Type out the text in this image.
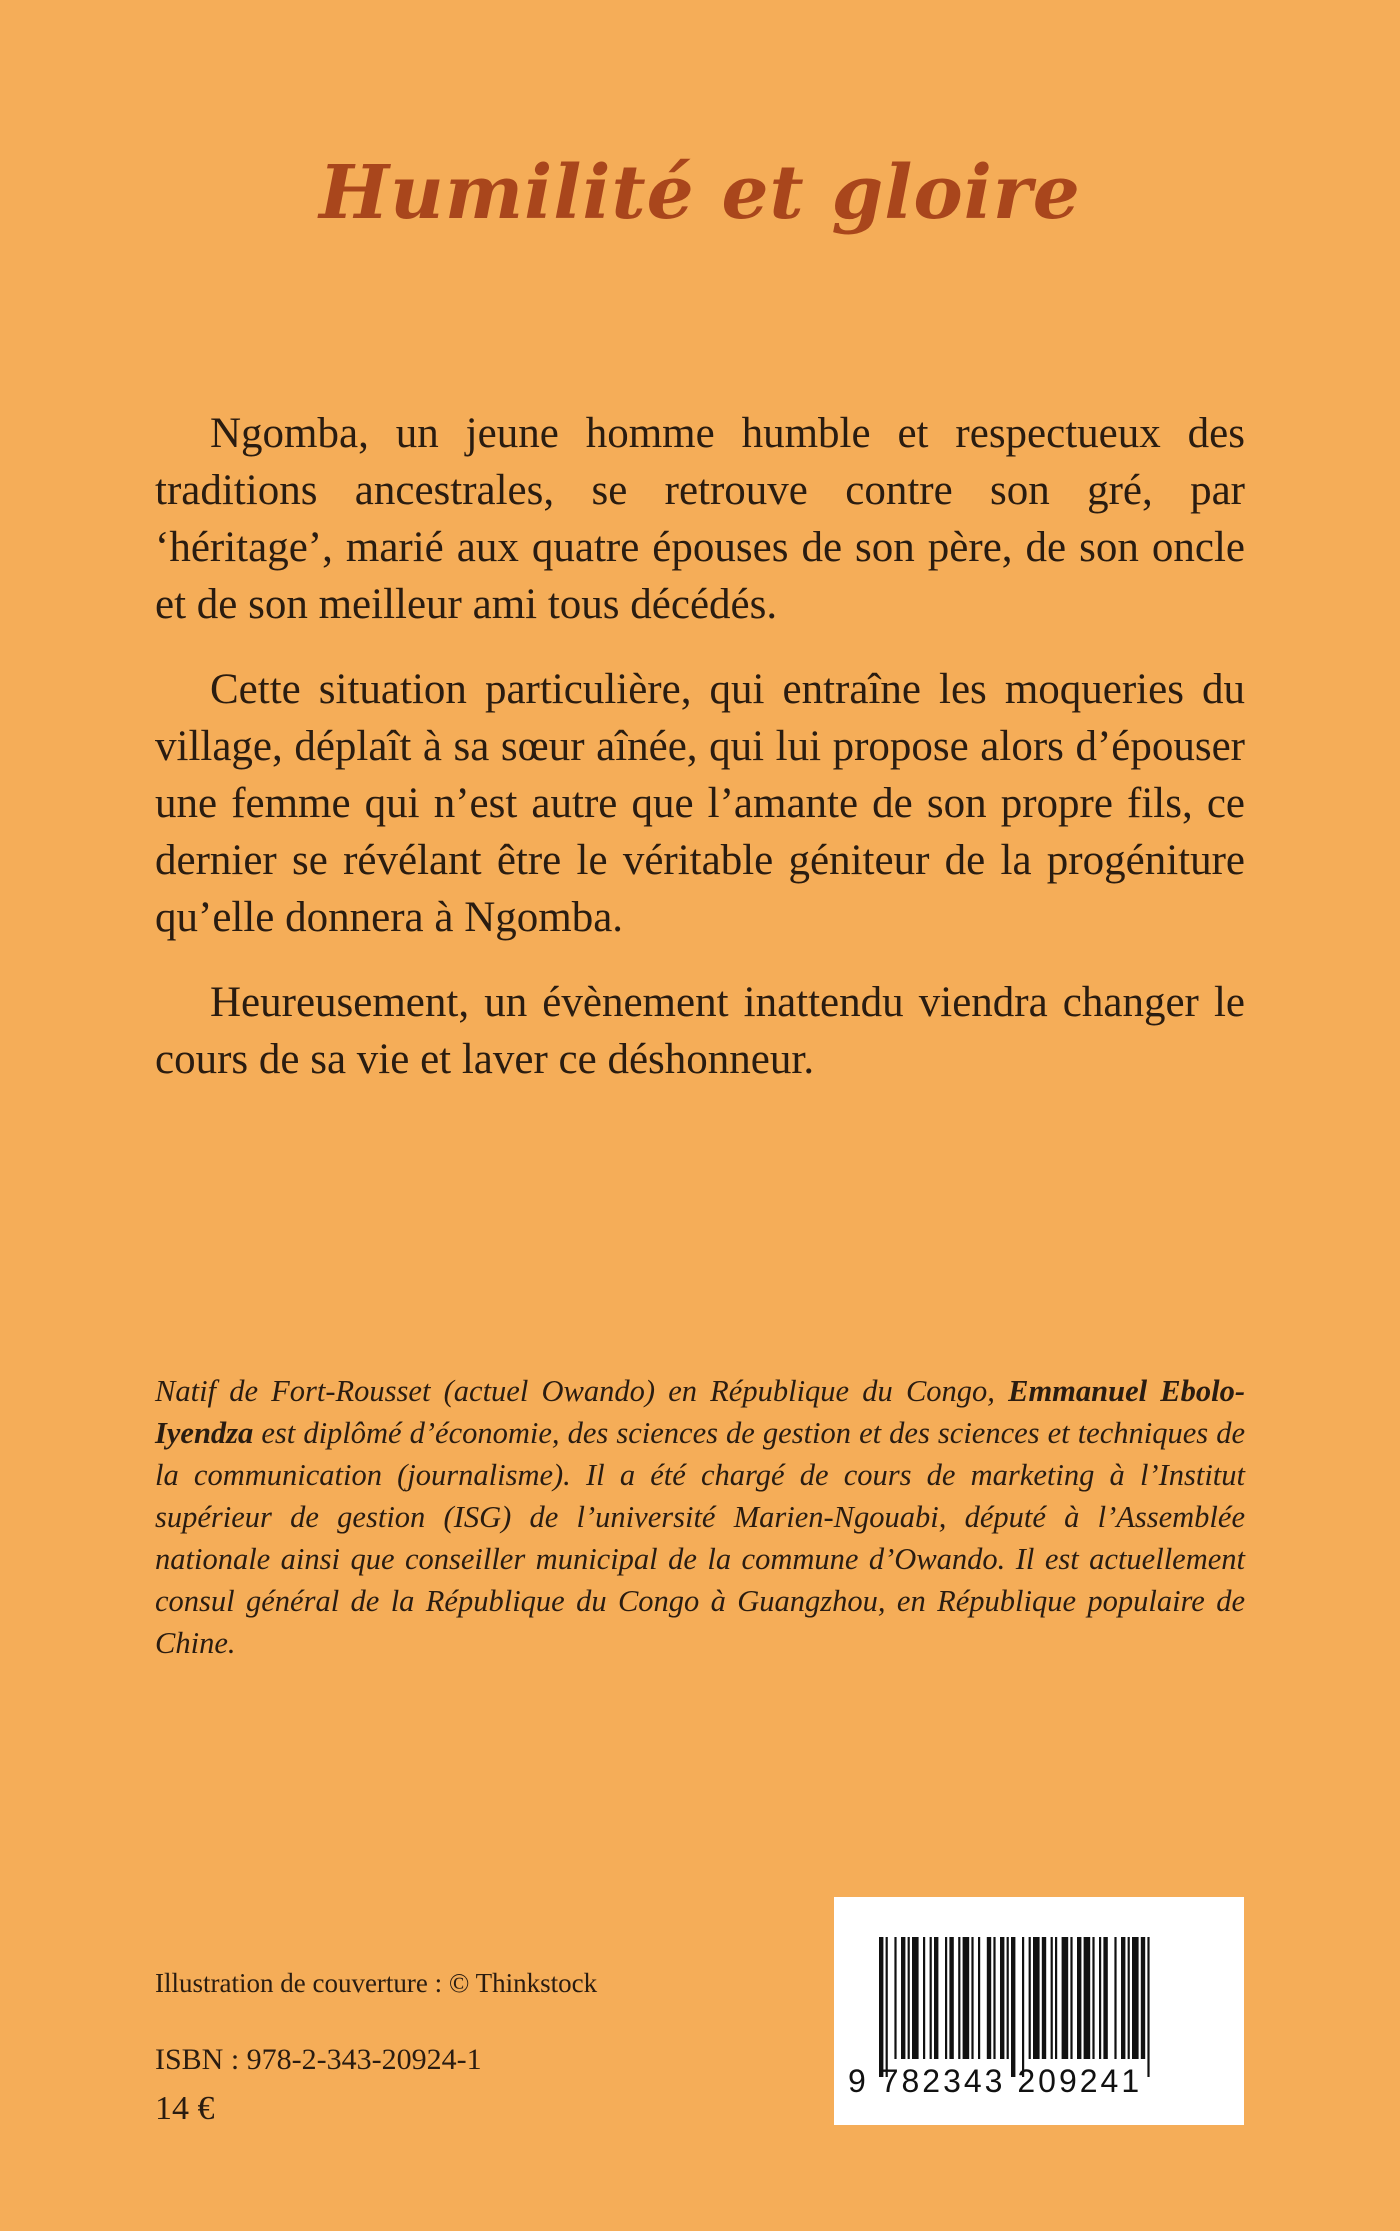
Humilité et gloire

Ngomba, un jeune homme humble et respectueux des traditions ancestrales, se retrouve contre son gré, par ‘héritage’, marié aux quatre épouses de son père, de son oncle et de son meilleur ami tous décédés.

Cette situation particulière, qui entraîne les moqueries du village, déplaît à sa sœur aînée, qui lui propose alors d’épouser une femme qui n’est autre que l’amante de son propre fils, ce dernier se révélant être le véritable géniteur de la progéniture qu’elle donnera à Ngomba.

Heureusement, un évènement inattendu viendra changer le cours de sa vie et laver ce déshonneur.

Natif de Fort-Rousset (actuel Owando) en République du Congo, Emmanuel Ebolo-Iyendza est diplômé d’économie, des sciences de gestion et des sciences et techniques de la communication (journalisme). Il a été chargé de cours de marketing à l’Institut supérieur de gestion (ISG) de l’université Marien-Ngouabi, député à l’Assemblée nationale ainsi que conseiller municipal de la commune d’Owando. Il est actuellement consul général de la République du Congo à Guangzhou, en République populaire de Chine.

Illustration de couverture : © Thinkstock

ISBN : 978-2-343-20924-1

14 €

9 782343 209241
